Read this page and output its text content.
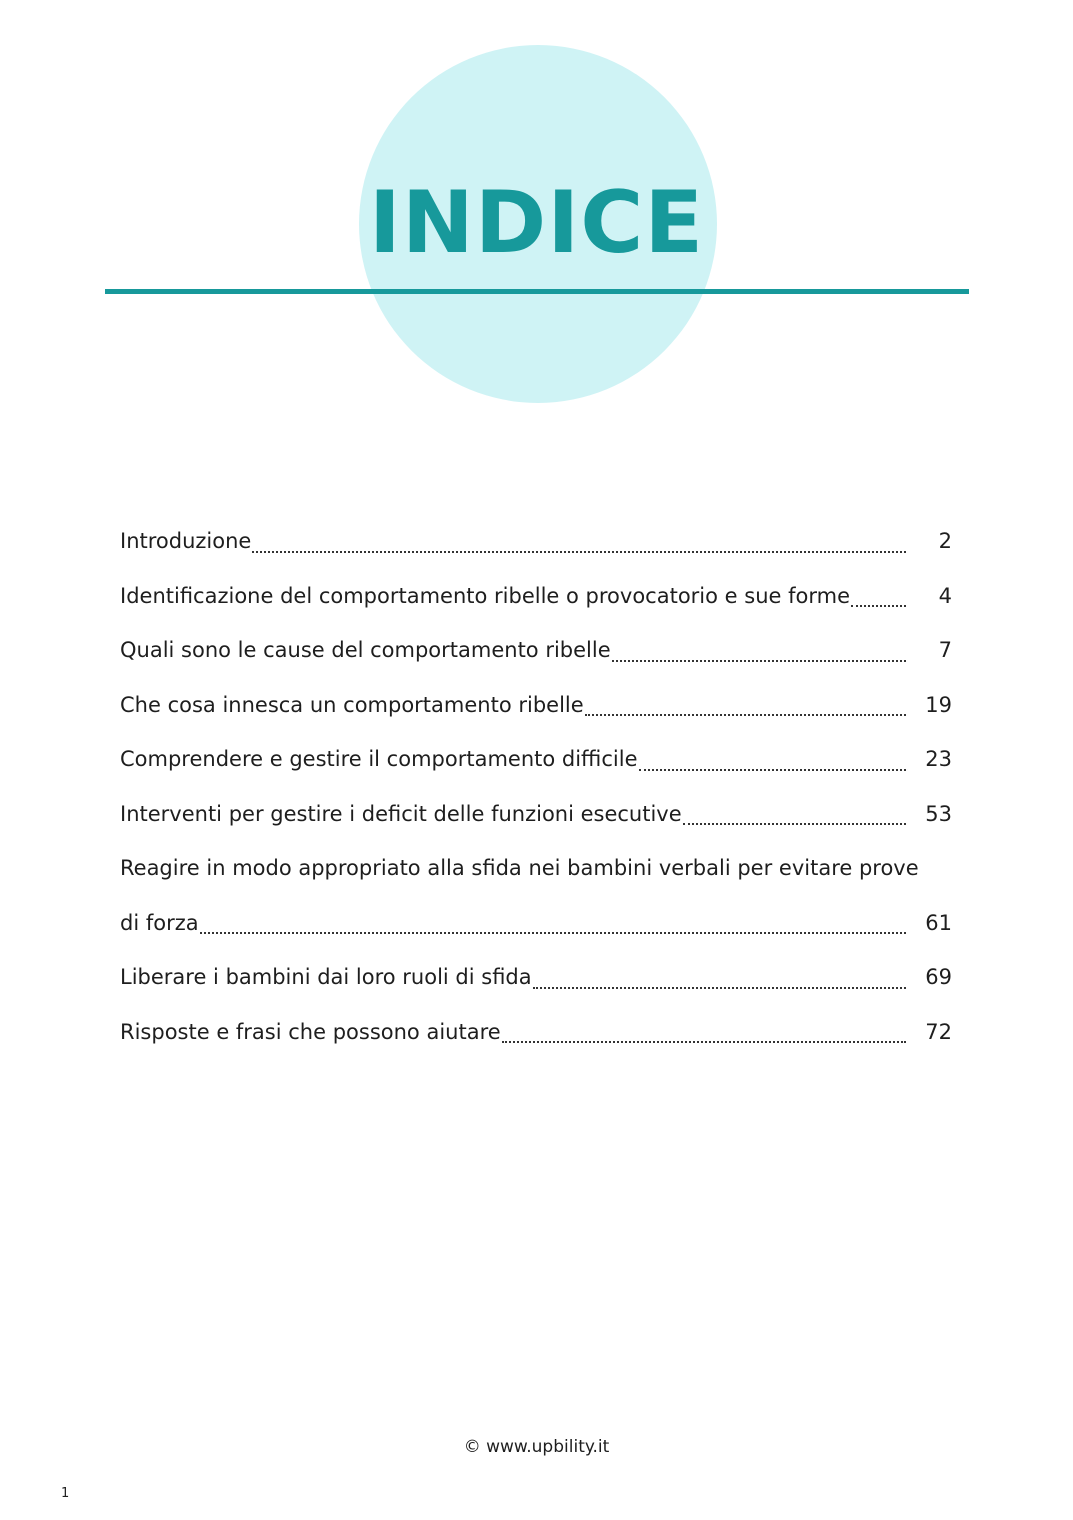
INDICE
Introduzione	2
Identificazione del comportamento ribelle o provocatorio e sue forme	4
Quali sono le cause del comportamento ribelle	7
Che cosa innesca un comportamento ribelle	19
Comprendere e gestire il comportamento difficile	23
Interventi per gestire i deficit delle funzioni esecutive	53
Reagire in modo appropriato alla sfida nei bambini verbali per evitare prove
di forza	61
Liberare i bambini dai loro ruoli di sfida	69
Risposte e frasi che possono aiutare	72
© www.upbility.it
1
